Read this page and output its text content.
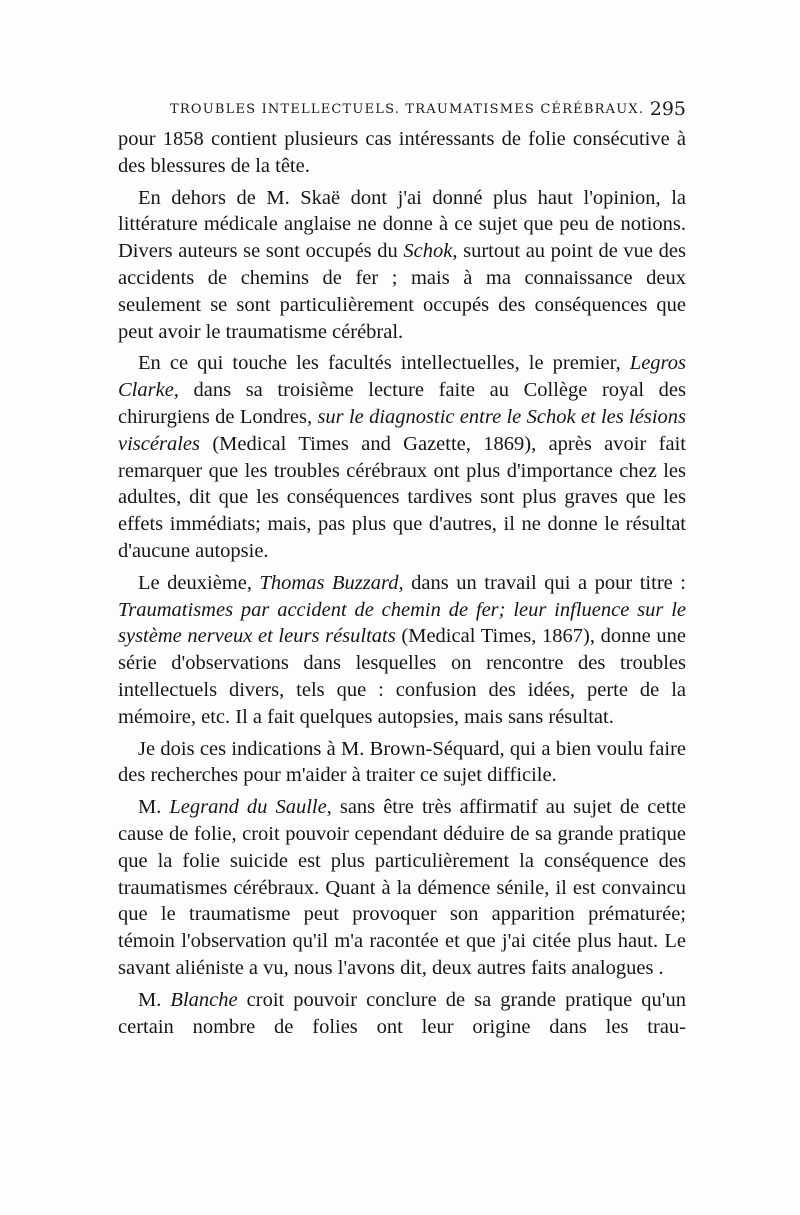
TROUBLES INTELLECTUELS. TRAUMATISMES CÉRÉBRAUX. 295

pour 1858 contient plusieurs cas intéressants de folie consécutive à des blessures de la tête.

En dehors de M. Skaë dont j'ai donné plus haut l'opinion, la littérature médicale anglaise ne donne à ce sujet que peu de notions. Divers auteurs se sont occupés du Schok, surtout au point de vue des accidents de chemins de fer ; mais à ma connaissance deux seulement se sont particulièrement occupés des conséquences que peut avoir le traumatisme cérébral.

En ce qui touche les facultés intellectuelles, le premier, Legros Clarke, dans sa troisième lecture faite au Collège royal des chirurgiens de Londres, sur le diagnostic entre le Schok et les lésions viscérales (Medical Times and Gazette, 1869), après avoir fait remarquer que les troubles cérébraux ont plus d'importance chez les adultes, dit que les conséquences tardives sont plus graves que les effets immédiats; mais, pas plus que d'autres, il ne donne le résultat d'aucune autopsie.

Le deuxième, Thomas Buzzard, dans un travail qui a pour titre : Traumatismes par accident de chemin de fer; leur influence sur le système nerveux et leurs résultats (Medical Times, 1867), donne une série d'observations dans lesquelles on rencontre des troubles intellectuels divers, tels que : confusion des idées, perte de la mémoire, etc. Il a fait quelques autopsies, mais sans résultat.

Je dois ces indications à M. Brown-Séquard, qui a bien voulu faire des recherches pour m'aider à traiter ce sujet difficile.

M. Legrand du Saulle, sans être très affirmatif au sujet de cette cause de folie, croit pouvoir cependant déduire de sa grande pratique que la folie suicide est plus particulièrement la conséquence des traumatismes cérébraux. Quant à la démence sénile, il est convaincu que le traumatisme peut provoquer son apparition prématurée; témoin l'observation qu'il m'a racontée et que j'ai citée plus haut. Le savant aliéniste a vu, nous l'avons dit, deux autres faits analogues .

M. Blanche croit pouvoir conclure de sa grande pratique qu'un certain nombre de folies ont leur origine dans les trau-
